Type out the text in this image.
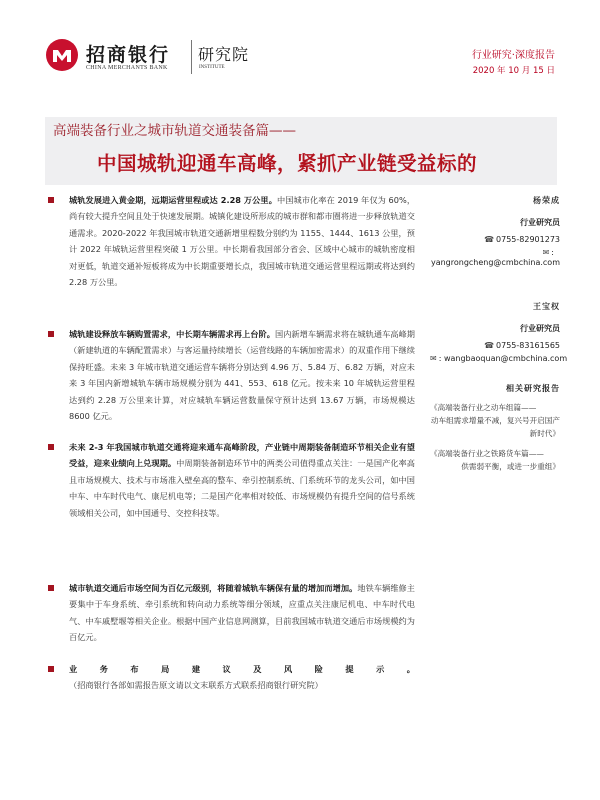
招商银行
CHINA MERCHANTS BANK
研究院
INSTITUTE
行业研究·深度报告
2020 年 10 月 15 日
高端装备行业之城市轨道交通装备篇——
中国城轨迎通车高峰，紧抓产业链受益标的
城轨发展进入黄金期，远期运营里程或达 2.28 万公里。中国城市化率在 2019 年仅为 60%，尚有较大提升空间且处于快速发展期。城镇化建设所形成的城市群和都市圈将进一步释放轨道交通需求。2020-2022 年我国城市轨道交通新增里程数分别约为 1155、1444、1613 公里，预计 2022 年城轨运营里程突破 1 万公里。中长期看我国部分省会、区域中心城市的城轨密度相对更低，轨道交通补短板将成为中长期重要增长点，我国城市轨道交通运营里程远期或将达到约 2.28 万公里。
城轨建设释放车辆购置需求，中长期车辆需求再上台阶。国内新增车辆需求将在城轨通车高峰期（新建轨道的车辆配置需求）与客运量持续增长（运营线路的车辆加密需求）的双重作用下继续保持旺盛。未来 3 年城市轨道交通运营车辆将分别达到 4.96 万、5.84 万、6.82 万辆，对应未来 3 年国内新增城轨车辆市场规模分别为 441、553、618 亿元。按未来 10 年城轨运营里程达到约 2.28 万公里来计算，对应城轨车辆运营数量保守预计达到 13.67 万辆，市场规模达 8600 亿元。
未来 2-3 年我国城市轨道交通将迎来通车高峰阶段，产业链中周期装备制造环节相关企业有望受益，迎来业绩向上兑现期。中周期装备制造环节中的两类公司值得重点关注：一是国产化率高且市场规模大、技术与市场准入壁垒高的整车、牵引控制系统、门系统环节的龙头公司，如中国中车、中车时代电气、康尼机电等；二是国产化率相对较低、市场规模仍有提升空间的信号系统领域相关公司，如中国通号、交控科技等。
城市轨道交通后市场空间为百亿元级别，将随着城轨车辆保有量的增加而增加。地铁车辆维修主要集中于车身系统、牵引系统和转向动力系统等细分领域，应重点关注康尼机电、中车时代电气、中车戚墅堰等相关企业。根据中国产业信息网测算，目前我国城市轨道交通后市场规模约为百亿元。
业务布局建议及风险提示。（招商银行各部如需报告原文请以文末联系方式联系招商银行研究院）
杨荣成
行业研究员
☎ 0755-82901273
✉ :
yangrongcheng@cmbchina.com
王宝权
行业研究员
☎ 0755-83161565
✉ : wangbaoquan@cmbchina.com
相关研究报告
《高端装备行业之动车组篇——
动车组需求增量不减，复兴号开启国产新时代》
《高端装备行业之铁路货车篇——
供需弱平衡，或进一步重组》
